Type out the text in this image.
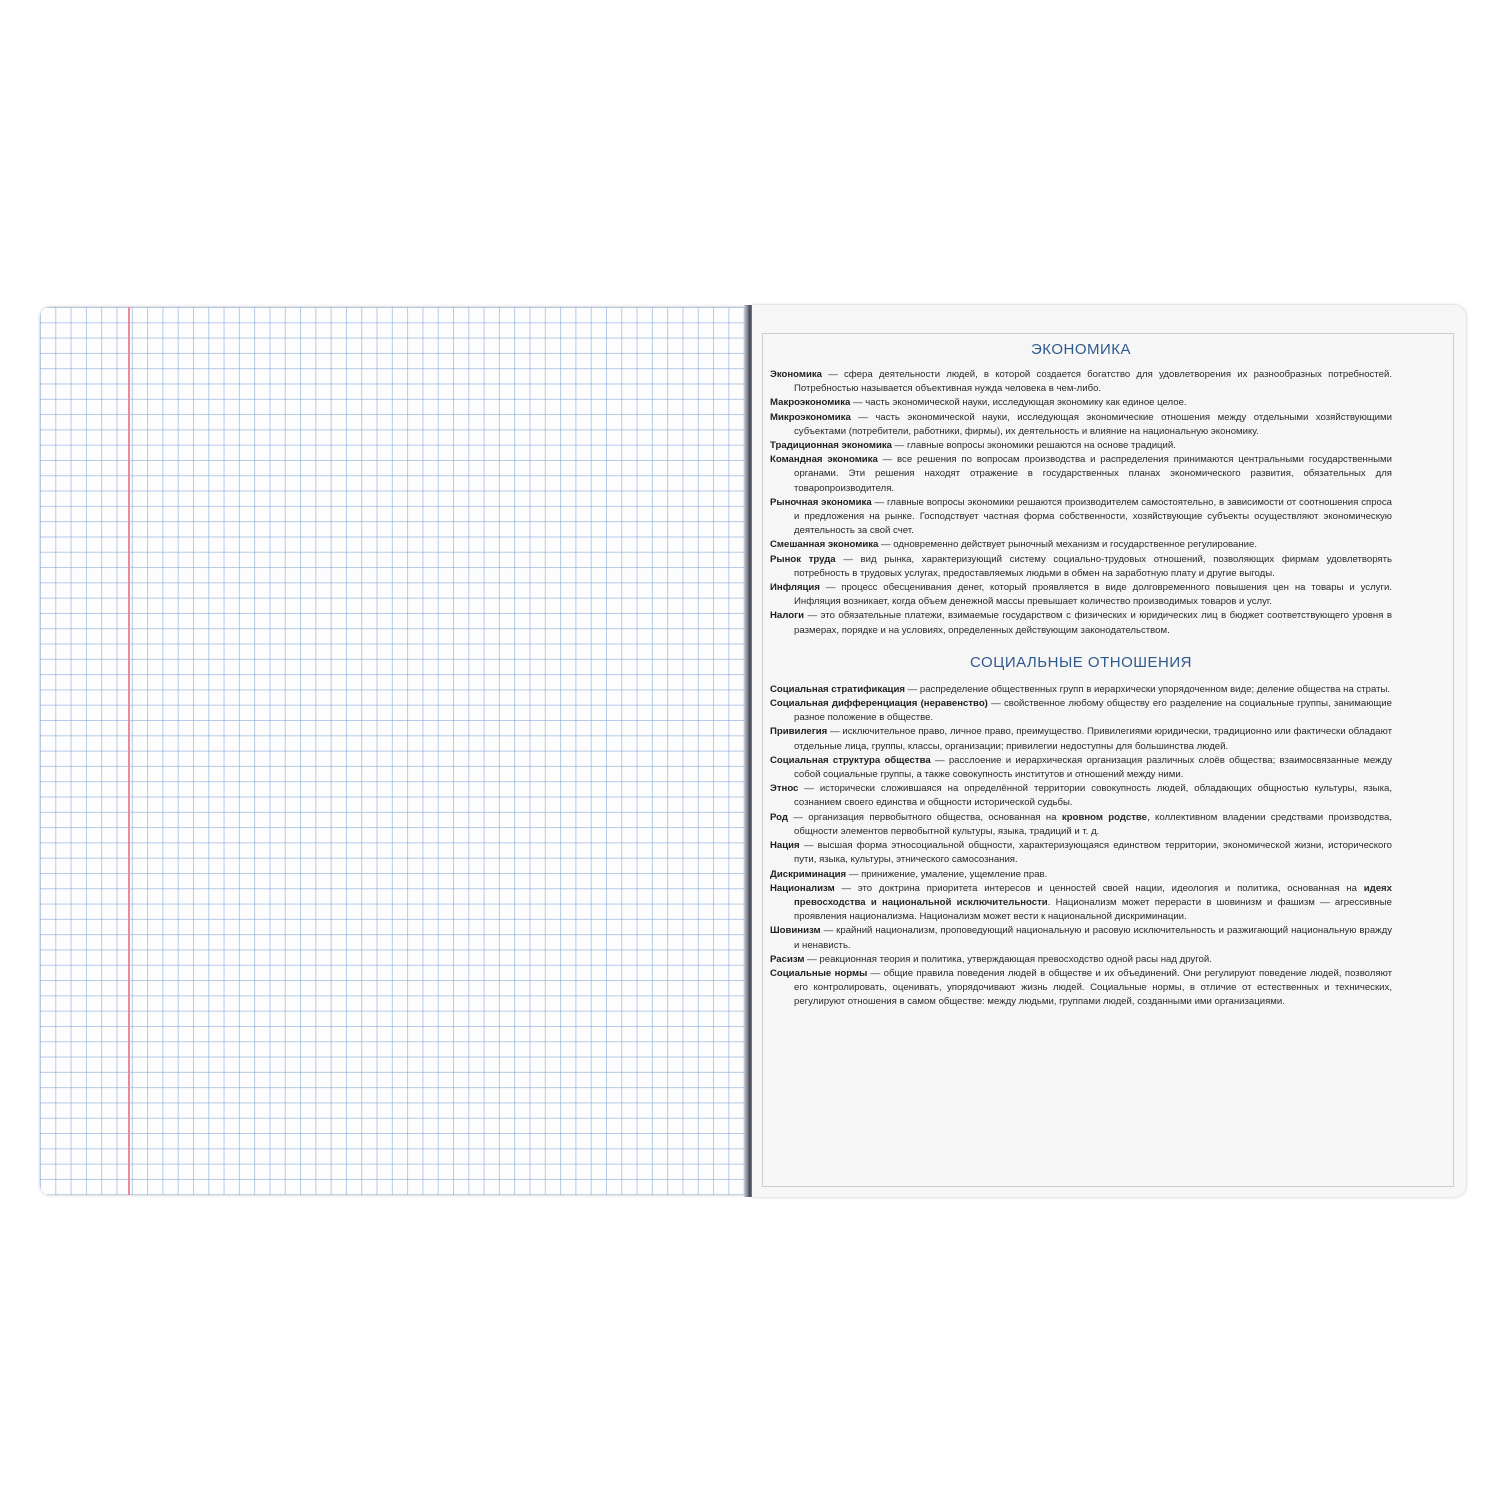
ЭКОНОМИКА

Экономика — сфера деятельности людей, в которой создается богатство для удовлетворения их разнообразных потребностей. Потребностью называется объективная нужда человека в чем-либо.

Макроэкономика — часть экономической науки, исследующая экономику как единое целое.

Микроэкономика — часть экономической науки, исследующая экономические отношения между отдельными хозяйствующими субъектами (потребители, работники, фирмы), их деятельность и влияние на национальную экономику.

Традиционная экономика — главные вопросы экономики решаются на основе традиций.

Командная экономика — все решения по вопросам производства и распределения принимаются центральными государственными органами. Эти решения находят отражение в государственных планах экономического развития, обязательных для товаропроизводителя.

Рыночная экономика — главные вопросы экономики решаются производителем самостоятельно, в зависимости от соотношения спроса и предложения на рынке. Господствует частная форма собственности, хозяйствующие субъекты осуществляют экономическую деятельность за свой счет.

Смешанная экономика — одновременно действует рыночный механизм и государственное регулирование.

Рынок труда — вид рынка, характеризующий систему социально-трудовых отношений, позволяющих фирмам удовлетворять потребность в трудовых услугах, предоставляемых людьми в обмен на заработную плату и другие выгоды.

Инфляция — процесс обесценивания денег, который проявляется в виде долговременного повышения цен на товары и услуги. Инфляция возникает, когда объем денежной массы превышает количество производимых товаров и услуг.

Налоги — это обязательные платежи, взимаемые государством с физических и юридических лиц в бюджет соответствующего уровня в размерах, порядке и на условиях, определенных действующим законодательством.

СОЦИАЛЬНЫЕ ОТНОШЕНИЯ

Социальная стратификация — распределение общественных групп в иерархически упорядоченном виде; деление общества на страты.

Социальная дифференциация (неравенство) — свойственное любому обществу его разделение на социальные группы, занимающие разное положение в обществе.

Привилегия — исключительное право, личное право, преимущество. Привилегиями юридически, традиционно или фактически обладают отдельные лица, группы, классы, организации; привилегии недоступны для большинства людей.

Социальная структура общества — расслоение и иерархическая организация различных слоёв общества; взаимосвязанные между собой социальные группы, а также совокупность институтов и отношений между ними.

Этнос — исторически сложившаяся на определённой территории совокупность людей, обладающих общностью культуры, языка, сознанием своего единства и общности исторической судьбы.

Род — организация первобытного общества, основанная на кровном родстве, коллективном владении средствами производства, общности элементов первобытной культуры, языка, традиций и т. д.

Нация — высшая форма этносоциальной общности, характеризующаяся единством территории, экономической жизни, исторического пути, языка, культуры, этнического самосознания.

Дискриминация — принижение, умаление, ущемление прав.

Национализм — это доктрина приоритета интересов и ценностей своей нации, идеология и политика, основанная на идеях превосходства и национальной исключительности. Национализм может перерасти в шовинизм и фашизм — агрессивные проявления национализма. Национализм может вести к национальной дискриминации.

Шовинизм — крайний национализм, проповедующий национальную и расовую исключительность и разжигающий национальную вражду и ненависть.

Расизм — реакционная теория и политика, утверждающая превосходство одной расы над другой.

Социальные нормы — общие правила поведения людей в обществе и их объединений. Они регулируют поведение людей, позволяют его контролировать, оценивать, упорядочивают жизнь людей. Социальные нормы, в отличие от естественных и технических, регулируют отношения в самом обществе: между людьми, группами людей, созданными ими организациями.
